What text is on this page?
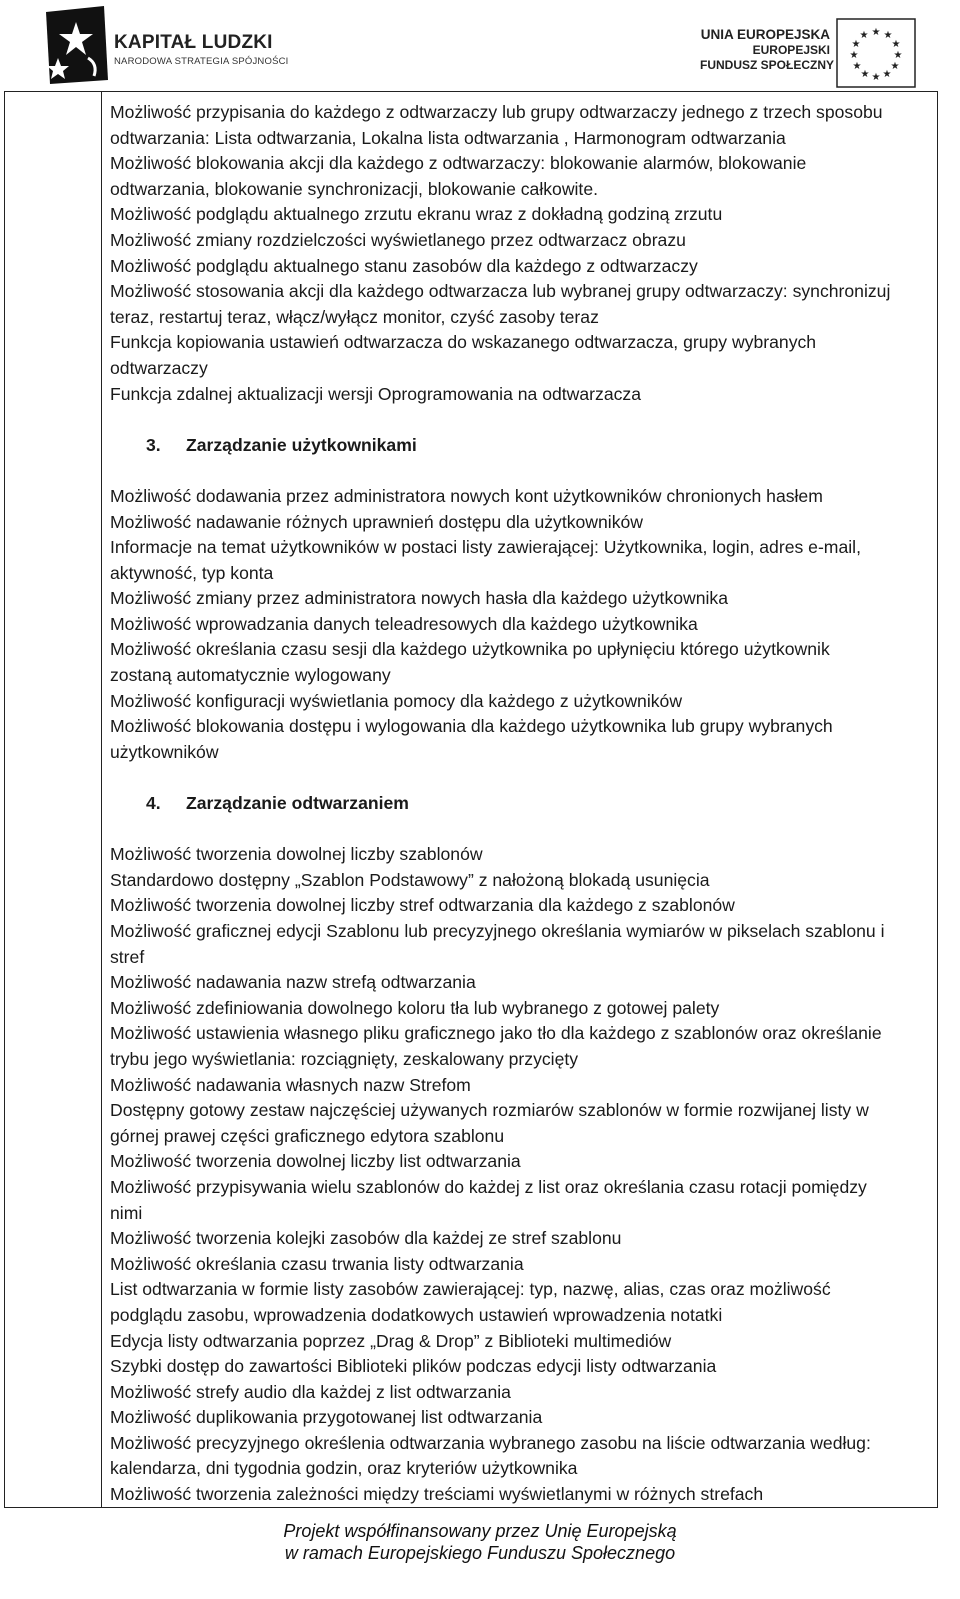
KAPITAŁ LUDZKI
NARODOWA STRATEGIA SPÓJNOŚCI
UNIA EUROPEJSKA
EUROPEJSKI
FUNDUSZ SPOŁECZNY
★ ★
★
★
★
★
★
★
★
★
★
★
Możliwość przypisania do każdego z odtwarzaczy lub grupy odtwarzaczy jednego z trzech sposobu
odtwarzania: Lista odtwarzania, Lokalna lista odtwarzania , Harmonogram odtwarzania
Możliwość blokowania akcji dla każdego z odtwarzaczy: blokowanie alarmów, blokowanie
odtwarzania, blokowanie synchronizacji, blokowanie całkowite.
Możliwość podglądu aktualnego zrzutu ekranu wraz z dokładną godziną zrzutu
Możliwość zmiany rozdzielczości wyświetlanego przez odtwarzacz obrazu
Możliwość podglądu aktualnego stanu zasobów dla każdego z odtwarzaczy
Możliwość stosowania akcji dla każdego odtwarzacza lub wybranej grupy odtwarzaczy: synchronizuj
teraz, restartuj teraz, włącz/wyłącz monitor, czyść zasoby teraz
Funkcja kopiowania ustawień odtwarzacza do wskazanego odtwarzacza, grupy wybranych
odtwarzaczy
Funkcja zdalnej aktualizacji wersji Oprogramowania na odtwarzacza
3. Zarządzanie użytkownikami
Możliwość dodawania przez administratora nowych kont użytkowników chronionych hasłem
Możliwość nadawanie różnych uprawnień dostępu dla użytkowników
Informacje na temat użytkowników w postaci listy zawierającej: Użytkownika, login, adres e-mail,
aktywność, typ konta
Możliwość zmiany przez administratora nowych hasła dla każdego użytkownika
Możliwość wprowadzania danych teleadresowych dla każdego użytkownika
Możliwość określania czasu sesji dla każdego użytkownika po upłynięciu którego użytkownik
zostaną automatycznie wylogowany
Możliwość konfiguracji wyświetlania pomocy dla każdego z użytkowników
Możliwość blokowania dostępu i wylogowania dla każdego użytkownika lub grupy wybranych
użytkowników
4. Zarządzanie odtwarzaniem
Możliwość tworzenia dowolnej liczby szablonów
Standardowo dostępny „Szablon Podstawowy” z nałożoną blokadą usunięcia
Możliwość tworzenia dowolnej liczby stref odtwarzania dla każdego z szablonów
Możliwość graficznej edycji Szablonu lub precyzyjnego określania wymiarów w pikselach szablonu i
stref
Możliwość nadawania nazw strefą odtwarzania
Możliwość zdefiniowania dowolnego koloru tła lub wybranego z gotowej palety
Możliwość ustawienia własnego pliku graficznego jako tło dla każdego z szablonów oraz określanie
trybu jego wyświetlania: rozciągnięty, zeskalowany przycięty
Możliwość nadawania własnych nazw Strefom
Dostępny gotowy zestaw najczęściej używanych rozmiarów szablonów w formie rozwijanej listy w
górnej prawej części graficznego edytora szablonu
Możliwość tworzenia dowolnej liczby list odtwarzania
Możliwość przypisywania wielu szablonów do każdej z list oraz określania czasu rotacji pomiędzy
nimi
Możliwość tworzenia kolejki zasobów dla każdej ze stref szablonu
Możliwość określania czasu trwania listy odtwarzania
List odtwarzania w formie listy zasobów zawierającej: typ, nazwę, alias, czas oraz możliwość
podglądu zasobu, wprowadzenia dodatkowych ustawień wprowadzenia notatki
Edycja listy odtwarzania poprzez „Drag & Drop” z Biblioteki multimediów
Szybki dostęp do zawartości Biblioteki plików podczas edycji listy odtwarzania
Możliwość strefy audio dla każdej z list odtwarzania
Możliwość duplikowania przygotowanej list odtwarzania
Możliwość precyzyjnego określenia odtwarzania wybranego zasobu na liście odtwarzania według:
kalendarza, dni tygodnia godzin, oraz kryteriów użytkownika
Możliwość tworzenia zależności między treściami wyświetlanymi w różnych strefach
Projekt współfinansowany przez Unię Europejską
w ramach Europejskiego Funduszu Społecznego
